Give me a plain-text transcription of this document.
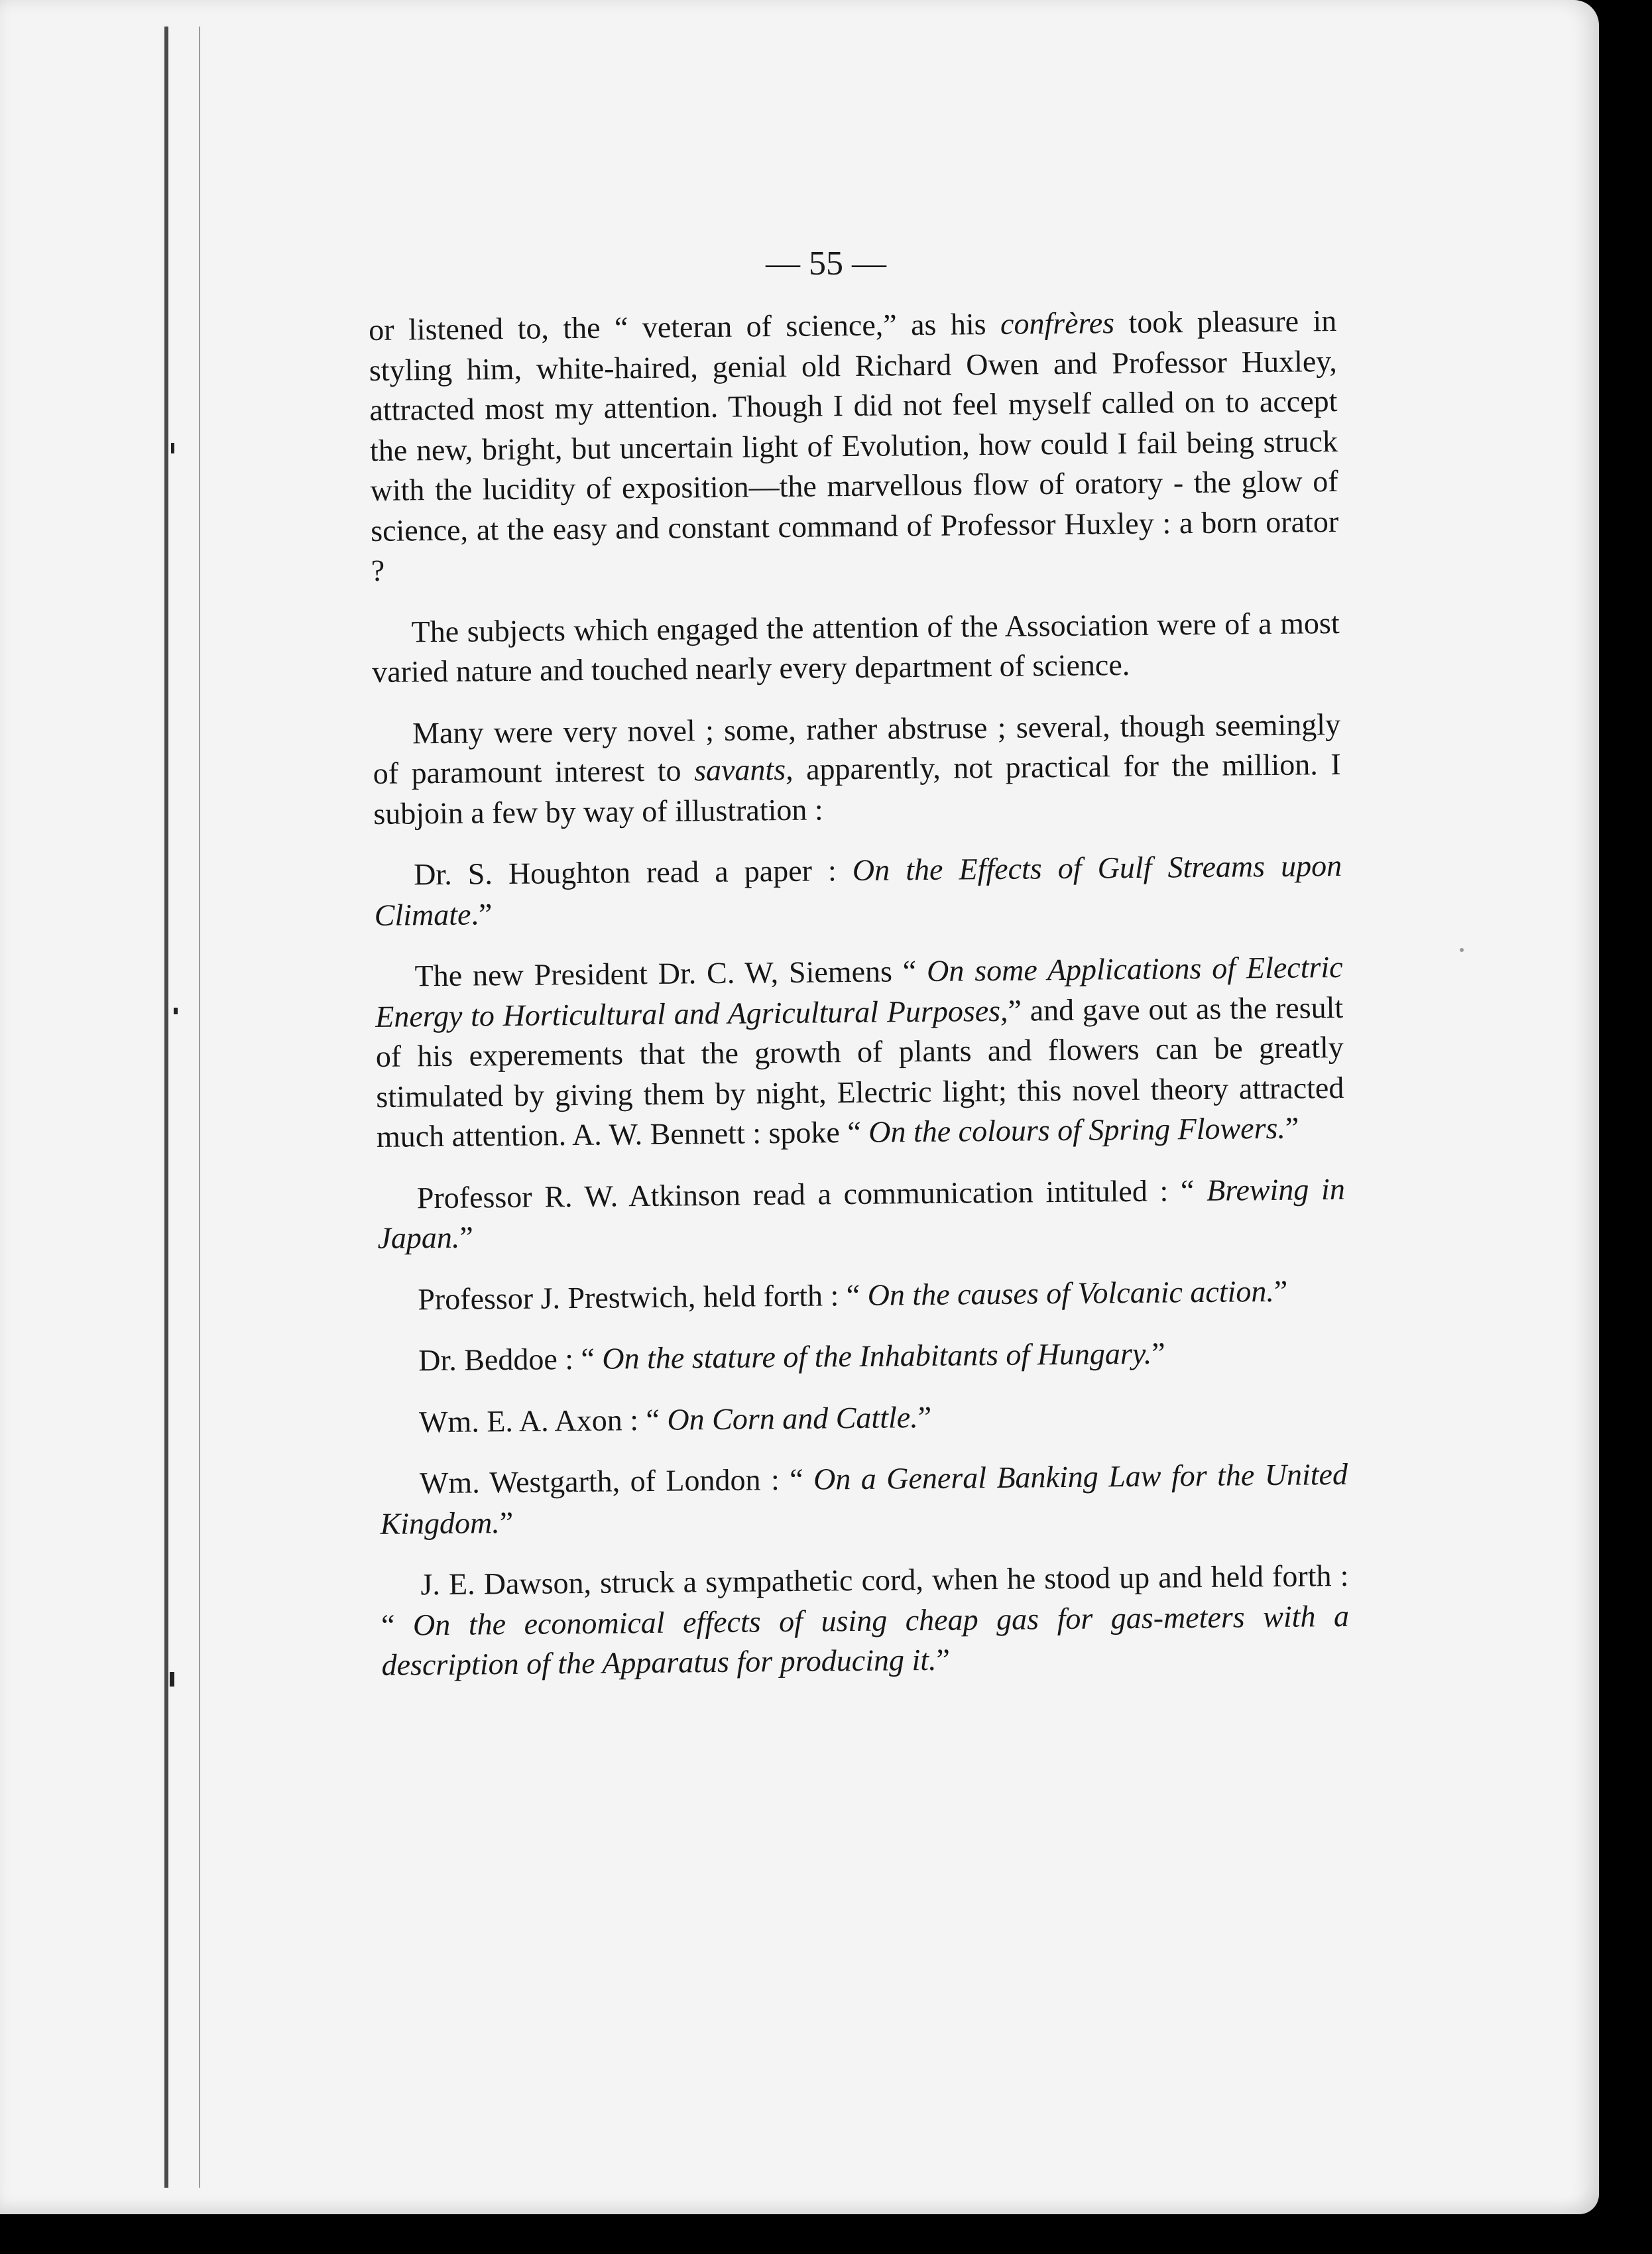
— 55 —

or listened to, the “ veteran of science,” as his confrères took pleasure in styling him, white-haired, genial old Richard Owen and Professor Huxley, attracted most my attention. Though I did not feel myself called on to accept the new, bright, but uncertain light of Evolution, how could I fail being struck with the lucidity of exposition—the marvellous flow of oratory - the glow of science, at the easy and constant command of Professor Huxley : a born orator ?

The subjects which engaged the attention of the Association were of a most varied nature and touched nearly every department of science.

Many were very novel ; some, rather abstruse ; several, though seemingly of paramount interest to savants, apparently, not practical for the million. I subjoin a few by way of illustration :

Dr. S. Houghton read a paper : On the Effects of Gulf Streams upon Climate.”

The new President Dr. C. W, Siemens “ On some Applications of Electric Energy to Horticultural and Agricultural Purposes,” and gave out as the result of his experements that the growth of plants and flowers can be greatly stimulated by giving them by night, Electric light; this novel theory attracted much attention. A. W. Bennett : spoke “ On the colours of Spring Flowers.”

Professor R. W. Atkinson read a communication intituled : “ Brewing in Japan.”

Professor J. Prestwich, held forth : “ On the causes of Volcanic action.”

Dr. Beddoe : “ On the stature of the Inhabitants of Hungary.”

Wm. E. A. Axon : “ On Corn and Cattle.”

Wm. Westgarth, of London : “ On a General Banking Law for the United Kingdom.”

J. E. Dawson, struck a sympathetic cord, when he stood up and held forth : “ On the economical effects of using cheap gas for gas-meters with a description of the Apparatus for producing it.”
